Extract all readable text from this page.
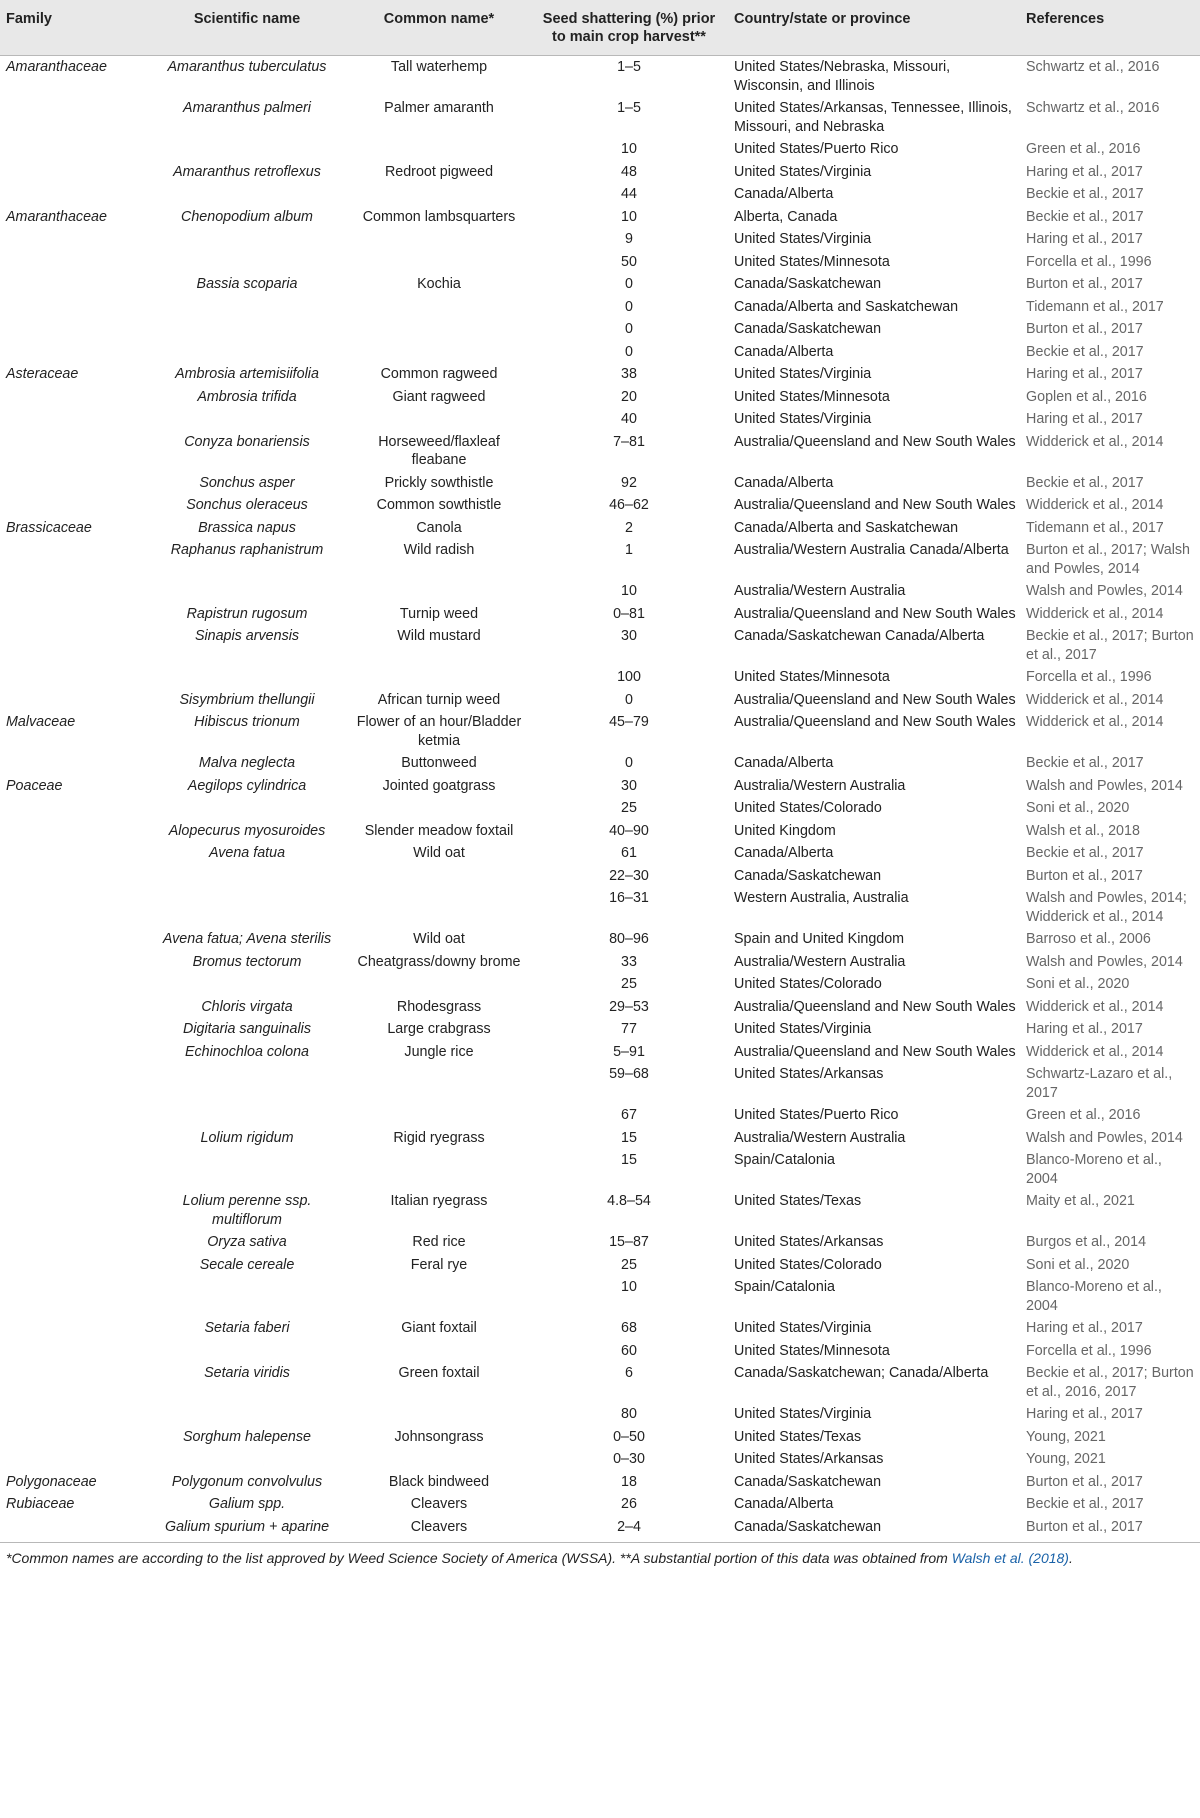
Family	Scientific name	Common name*	Seed shattering (%) prior to main crop harvest**	Country/state or province	References
Amaranthaceae	Amaranthus tuberculatus	Tall waterhemp	1–5	United States/Nebraska, Missouri, Wisconsin, and Illinois	Schwartz et al., 2016
	Amaranthus palmeri	Palmer amaranth	1–5	United States/Arkansas, Tennessee, Illinois, Missouri, and Nebraska	Schwartz et al., 2016
			10	United States/Puerto Rico	Green et al., 2016
	Amaranthus retroflexus	Redroot pigweed	48	United States/Virginia	Haring et al., 2017
			44	Canada/Alberta	Beckie et al., 2017
Amaranthaceae	Chenopodium album	Common lambsquarters	10	Alberta, Canada	Beckie et al., 2017
			9	United States/Virginia	Haring et al., 2017
			50	United States/Minnesota	Forcella et al., 1996
	Bassia scoparia	Kochia	0	Canada/Saskatchewan	Burton et al., 2017
			0	Canada/Alberta and Saskatchewan	Tidemann et al., 2017
			0	Canada/Saskatchewan	Burton et al., 2017
			0	Canada/Alberta	Beckie et al., 2017
Asteraceae	Ambrosia artemisiifolia	Common ragweed	38	United States/Virginia	Haring et al., 2017
	Ambrosia trifida	Giant ragweed	20	United States/Minnesota	Goplen et al., 2016
			40	United States/Virginia	Haring et al., 2017
	Conyza bonariensis	Horseweed/flaxleaf fleabane	7–81	Australia/Queensland and New South Wales	Widderick et al., 2014
	Sonchus asper	Prickly sowthistle	92	Canada/Alberta	Beckie et al., 2017
	Sonchus oleraceus	Common sowthistle	46–62	Australia/Queensland and New South Wales	Widderick et al., 2014
Brassicaceae	Brassica napus	Canola	2	Canada/Alberta and Saskatchewan	Tidemann et al., 2017
	Raphanus raphanistrum	Wild radish	1	Australia/Western Australia Canada/Alberta	Burton et al., 2017; Walsh and Powles, 2014
			10	Australia/Western Australia	Walsh and Powles, 2014
	Rapistrun rugosum	Turnip weed	0–81	Australia/Queensland and New South Wales	Widderick et al., 2014
	Sinapis arvensis	Wild mustard	30	Canada/Saskatchewan Canada/Alberta	Beckie et al., 2017; Burton et al., 2017
			100	United States/Minnesota	Forcella et al., 1996
	Sisymbrium thellungii	African turnip weed	0	Australia/Queensland and New South Wales	Widderick et al., 2014
Malvaceae	Hibiscus trionum	Flower of an hour/Bladder ketmia	45–79	Australia/Queensland and New South Wales	Widderick et al., 2014
	Malva neglecta	Buttonweed	0	Canada/Alberta	Beckie et al., 2017
Poaceae	Aegilops cylindrica	Jointed goatgrass	30	Australia/Western Australia	Walsh and Powles, 2014
			25	United States/Colorado	Soni et al., 2020
	Alopecurus myosuroides	Slender meadow foxtail	40–90	United Kingdom	Walsh et al., 2018
	Avena fatua	Wild oat	61	Canada/Alberta	Beckie et al., 2017
			22–30	Canada/Saskatchewan	Burton et al., 2017
			16–31	Western Australia, Australia	Walsh and Powles, 2014; Widderick et al., 2014
	Avena fatua; Avena sterilis	Wild oat	80–96	Spain and United Kingdom	Barroso et al., 2006
	Bromus tectorum	Cheatgrass/downy brome	33	Australia/Western Australia	Walsh and Powles, 2014
			25	United States/Colorado	Soni et al., 2020
	Chloris virgata	Rhodesgrass	29–53	Australia/Queensland and New South Wales	Widderick et al., 2014
	Digitaria sanguinalis	Large crabgrass	77	United States/Virginia	Haring et al., 2017
	Echinochloa colona	Jungle rice	5–91	Australia/Queensland and New South Wales	Widderick et al., 2014
			59–68	United States/Arkansas	Schwartz-Lazaro et al., 2017
			67	United States/Puerto Rico	Green et al., 2016
	Lolium rigidum	Rigid ryegrass	15	Australia/Western Australia	Walsh and Powles, 2014
			15	Spain/Catalonia	Blanco-Moreno et al., 2004
	Lolium perenne ssp. multiflorum	Italian ryegrass	4.8–54	United States/Texas	Maity et al., 2021
	Oryza sativa	Red rice	15–87	United States/Arkansas	Burgos et al., 2014
	Secale cereale	Feral rye	25	United States/Colorado	Soni et al., 2020
			10	Spain/Catalonia	Blanco-Moreno et al., 2004
	Setaria faberi	Giant foxtail	68	United States/Virginia	Haring et al., 2017
			60	United States/Minnesota	Forcella et al., 1996
	Setaria viridis	Green foxtail	6	Canada/Saskatchewan; Canada/Alberta	Beckie et al., 2017; Burton et al., 2016, 2017
			80	United States/Virginia	Haring et al., 2017
	Sorghum halepense	Johnsongrass	0–50	United States/Texas	Young, 2021
			0–30	United States/Arkansas	Young, 2021
Polygonaceae	Polygonum convolvulus	Black bindweed	18	Canada/Saskatchewan	Burton et al., 2017
Rubiaceae	Galium spp.	Cleavers	26	Canada/Alberta	Beckie et al., 2017
	Galium spurium + aparine	Cleavers	2–4	Canada/Saskatchewan	Burton et al., 2017
*Common names are according to the list approved by Weed Science Society of America (WSSA). **A substantial portion of this data was obtained from Walsh et al. (2018).
